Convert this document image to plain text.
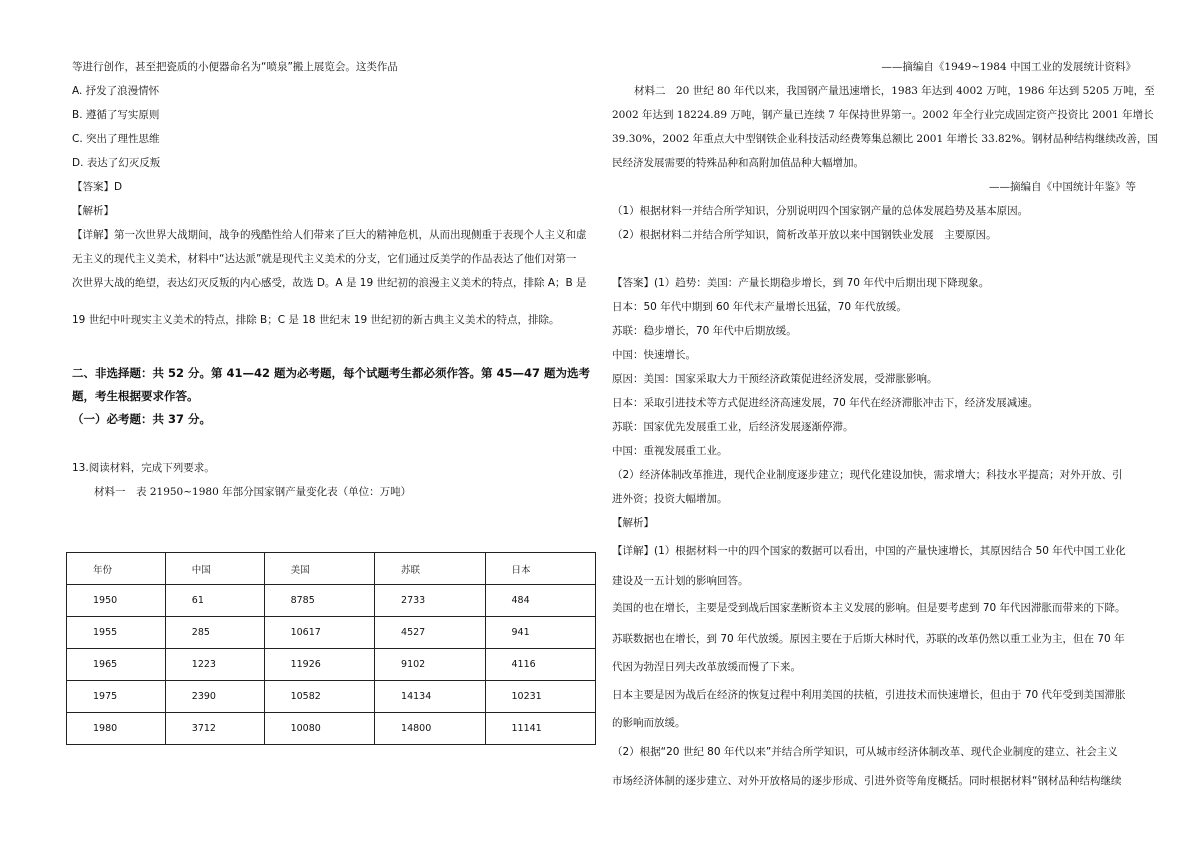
等进行创作，甚至把瓷质的小便器命名为“喷泉”搬上展览会。这类作品
A. 抒发了浪漫情怀
B. 遵循了写实原则
C. 突出了理性思维
D. 表达了幻灭反叛
【答案】D
【解析】
【详解】第一次世界大战期间，战争的残酷性给人们带来了巨大的精神危机，从而出现侧重于表现个人主义和虚
无主义的现代主义美术，材料中“达达派”就是现代主义美术的分支，它们通过反美学的作品表达了他们对第一
次世界大战的绝望，表达幻灭反叛的内心感受，故选 D。A 是 19 世纪初的浪漫主义美术的特点，排除 A；B 是
19 世纪中叶现实主义美术的特点，排除 B；C 是 18 世纪末 19 世纪初的新古典主义美术的特点，排除。
二、非选择题：共 52 分。第 41—42 题为必考题，每个试题考生都必须作答。第 45—47 题为选考
题，考生根据要求作答。
（一）必考题：共 37 分。
13.阅读材料，完成下列要求。
材料一　表 21950~1980 年部分国家钢产量变化表（单位：万吨）
年份	中国	美国	苏联	日本
1950	61	8785	2733	484
1955	285	10617	4527	941
1965	1223	11926	9102	4116
1975	2390	10582	14134	10231
1980	3712	10080	14800	11141
——摘编自《1949~1984 中国工业的发展统计资料》
材料二　20 世纪 80 年代以来，我国钢产量迅速增长，1983 年达到 4002 万吨，1986 年达到 5205 万吨，至
2002 年达到 18224.89 万吨，钢产量已连续 7 年保持世界第一。2002 年全行业完成固定资产投资比 2001 年增长
39.30%，2002 年重点大中型钢铁企业科技活动经费筹集总额比 2001 年增长 33.82%。钢材品种结构继续改善，国
民经济发展需要的特殊品种和高附加值品种大幅增加。
——摘编自《中国统计年鉴》等
（1）根据材料一并结合所学知识，分别说明四个国家钢产量的总体发展趋势及基本原因。
（2）根据材料二并结合所学知识，简析改革开放以来中国钢铁业发展　主要原因。
【答案】(1）趋势：美国：产量长期稳步增长，到 70 年代中后期出现下降现象。
日本：50 年代中期到 60 年代末产量增长迅猛，70 年代放缓。
苏联：稳步增长，70 年代中后期放缓。
中国：快速增长。
原因：美国：国家采取大力干预经济政策促进经济发展，受滞胀影响。
日本：采取引进技术等方式促进经济高速发展，70 年代在经济滞胀冲击下，经济发展减速。
苏联：国家优先发展重工业，后经济发展逐渐停滞。
中国：重视发展重工业。
（2）经济体制改革推进，现代企业制度逐步建立；现代化建设加快，需求增大；科技水平提高；对外开放、引
进外资；投资大幅增加。
【解析】
【详解】(1）根据材料一中的四个国家的数据可以看出，中国的产量快速增长，其原因结合 50 年代中国工业化
建设及一五计划的影响回答。
美国的也在增长，主要是受到战后国家垄断资本主义发展的影响。但是要考虑到 70 年代因滞胀而带来的下降。
苏联数据也在增长，到 70 年代放缓。原因主要在于后斯大林时代，苏联的改革仍然以重工业为主，但在 70 年
代因为勃涅日列夫改革放缓而慢了下来。
日本主要是因为战后在经济的恢复过程中利用美国的扶植，引进技术而快速增长，但由于 70 代年受到美国滞胀
的影响而放缓。
（2）根据“20 世纪 80 年代以来”并结合所学知识，可从城市经济体制改革、现代企业制度的建立、社会主义
市场经济体制的逐步建立、对外开放格局的逐步形成、引进外资等角度概括。同时根据材料“钢材品种结构继续
